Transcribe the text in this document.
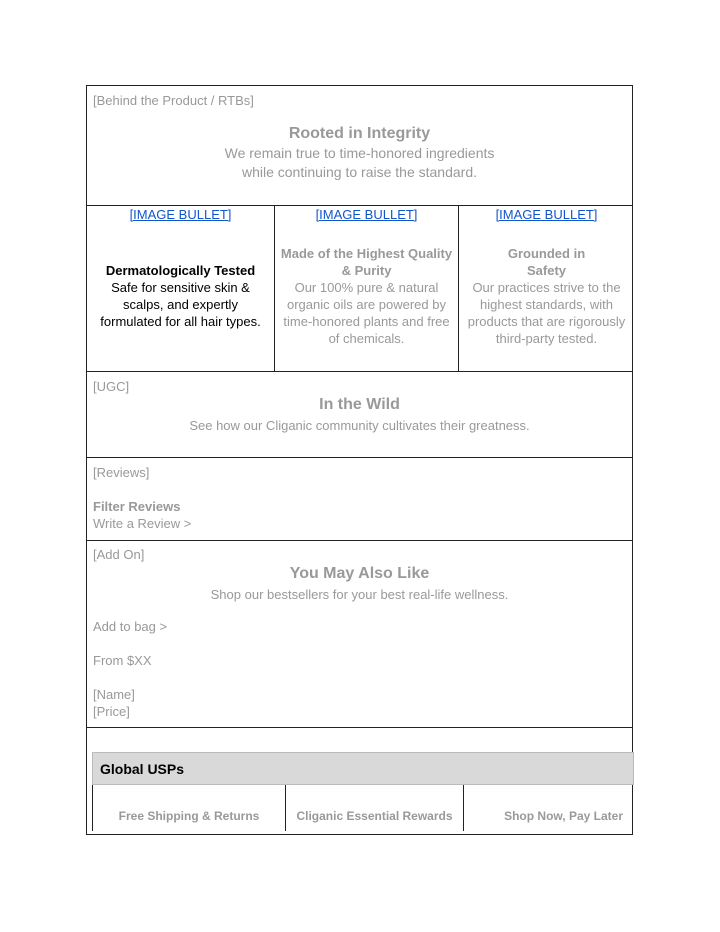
[Behind the Product / RTBs]
Rooted in Integrity
We remain true to time-honored ingredients
while continuing to raise the standard.
[IMAGE BULLET]
Dermatologically Tested
Safe for sensitive skin &
scalps, and expertly
formulated for all hair types.
[IMAGE BULLET]
Made of the Highest Quality
& Purity
Our 100% pure & natural
organic oils are powered by
time-honored plants and free
of chemicals.
[IMAGE BULLET]
Grounded in
Safety
Our practices strive to the
highest standards, with
products that are rigorously
third-party tested.
[UGC]
In the Wild
See how our Cliganic community cultivates their greatness.
[Reviews]
Filter Reviews
Write a Review >
[Add On]
You May Also Like
Shop our bestsellers for your best real-life wellness.
Add to bag >
From $XX
[Name]
[Price]
Global USPs
Free Shipping & Returns	Cliganic Essential Rewards	Shop Now, Pay Later
